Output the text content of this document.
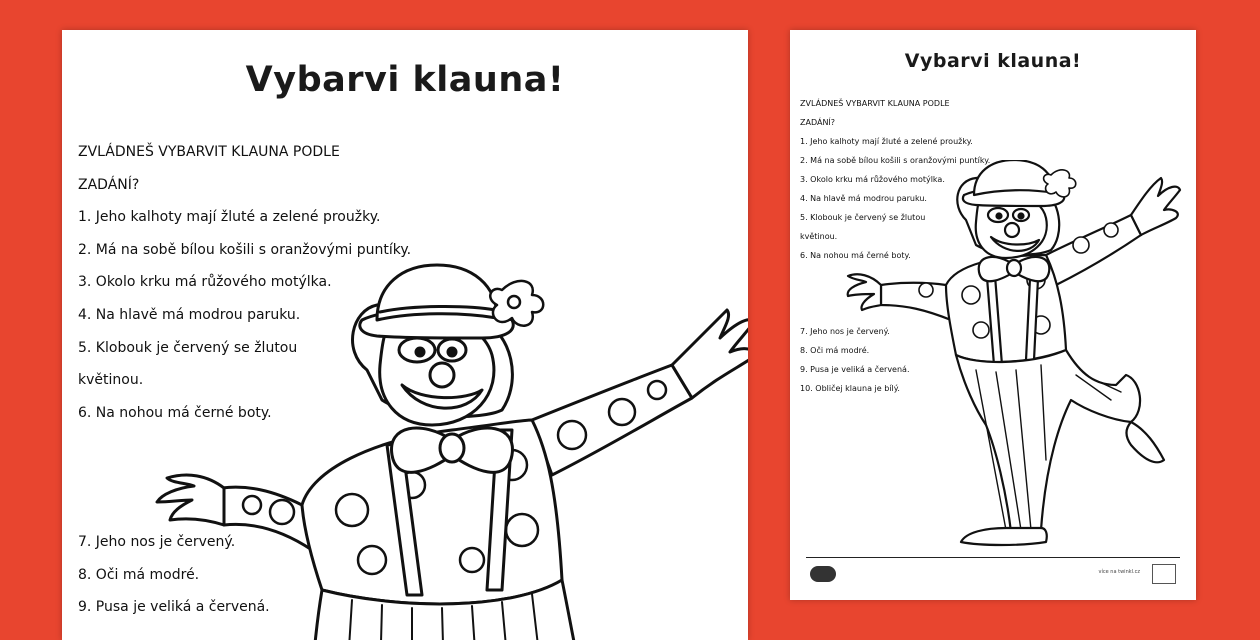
Vybarvi klauna!
ZVLÁDNEŠ VYBARVIT KLAUNA PODLE
ZADÁNÍ?
1. Jeho kalhoty mají žluté a zelené proužky.
2. Má na sobě bílou košili s oranžovými puntíky.
3. Okolo krku má růžového motýlka.
4. Na hlavě má modrou paruku.
5. Klobouk je červený se žlutou
květinou.
6. Na nohou má černé boty.
7. Jeho nos je červený.
8. Oči má modré.
9. Pusa je veliká a červená.
Vybarvi klauna!
ZVLÁDNEŠ VYBARVIT KLAUNA PODLE
ZADÁNÍ?
1. Jeho kalhoty mají žluté a zelené proužky.
2. Má na sobě bílou košili s oranžovými puntíky.
3. Okolo krku má růžového motýlka.
4. Na hlavě má modrou paruku.
5. Klobouk je červený se žlutou
květinou.
6. Na nohou má černé boty.
7. Jeho nos je červený.
8. Oči má modré.
9. Pusa je veliká a červená.
10. Obličej klauna je bílý.
více na twinkl.cz
